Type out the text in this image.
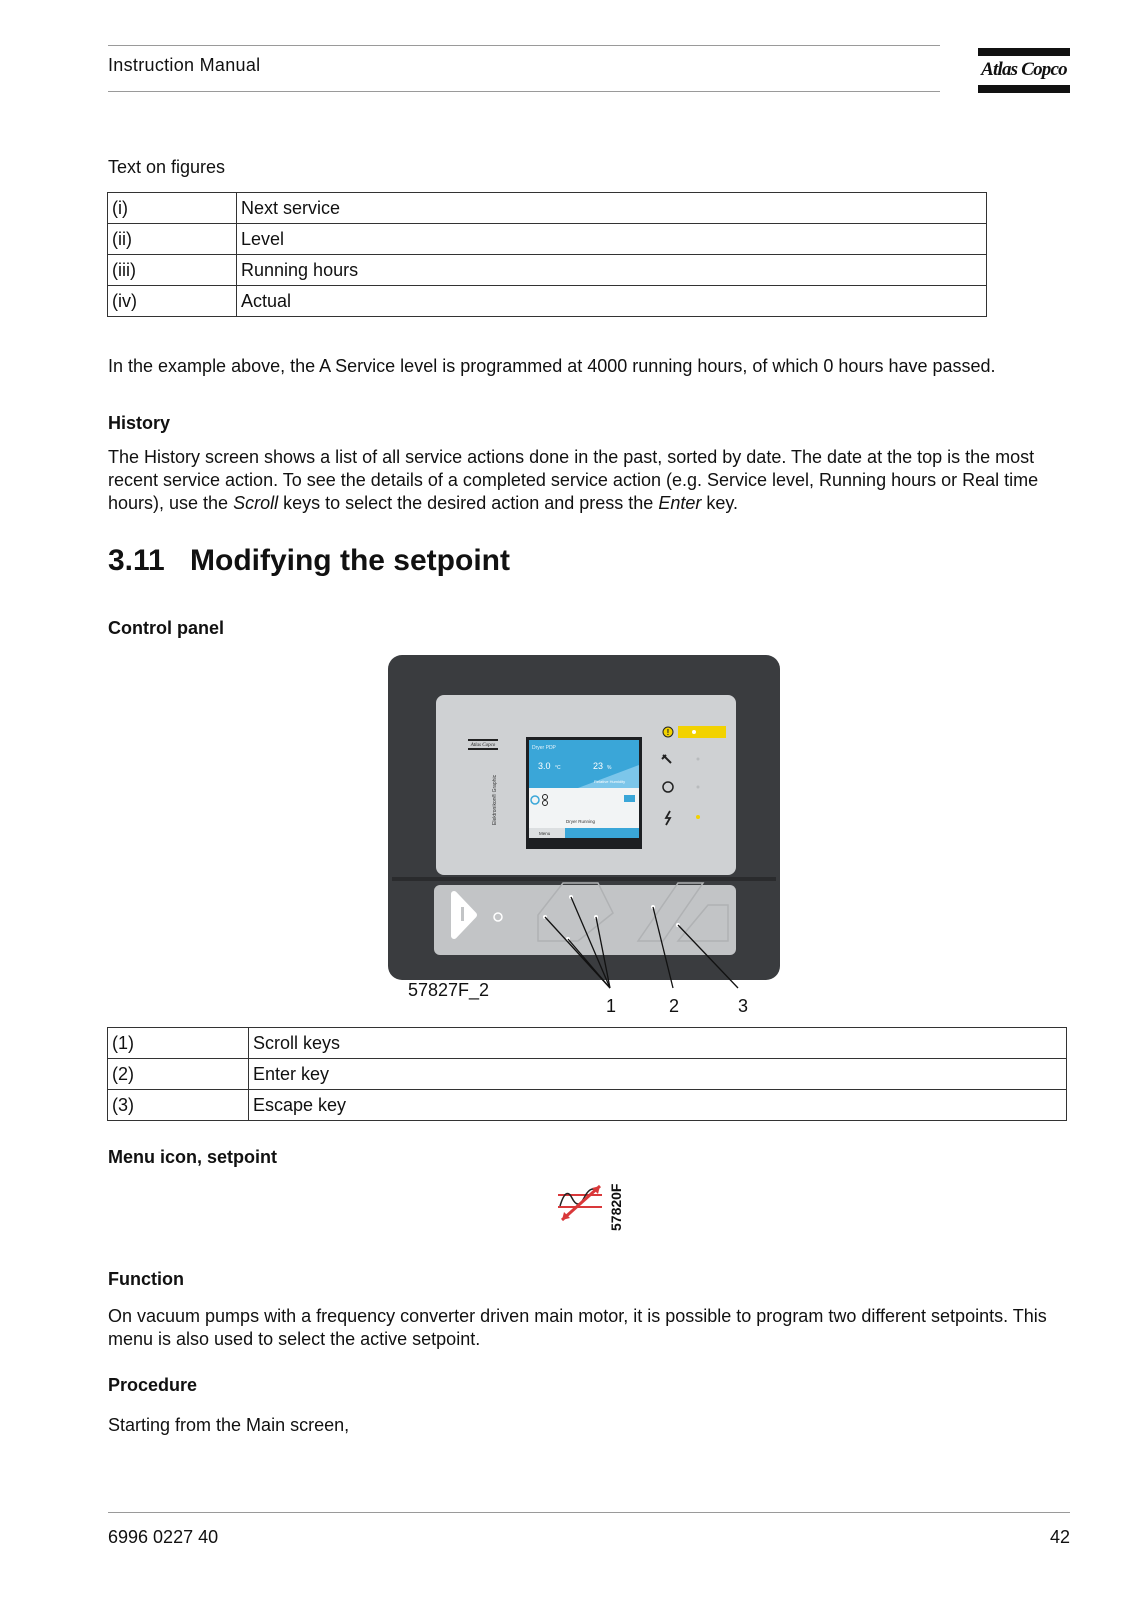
Instruction Manual	Atlas Copco
Text on figures
(i)	Next service
(ii)	Level
(iii)	Running hours
(iv)	Actual
In the example above, the A Service level is programmed at 4000 running hours, of which 0 hours have passed.
History
The History screen shows a list of all service actions done in the past, sorted by date. The date at the top is the most recent service action. To see the details of a completed service action (e.g. Service level, Running hours or Real time hours), use the Scroll keys to select the desired action and press the Enter key.
3.11 Modifying the setpoint
Control panel
Atlas Copco
Elektronikon® Graphic
Dryer PDP
3.0 °C	23 %
Relative Humidity
Dryer Running
Menu
!
57827F_2
1	2	3
(1)	Scroll keys
(2)	Enter key
(3)	Escape key
Menu icon, setpoint
57820F
Function
On vacuum pumps with a frequency converter driven main motor, it is possible to program two different setpoints. This menu is also used to select the active setpoint.
Procedure
Starting from the Main screen,
6996 0227 40	42
